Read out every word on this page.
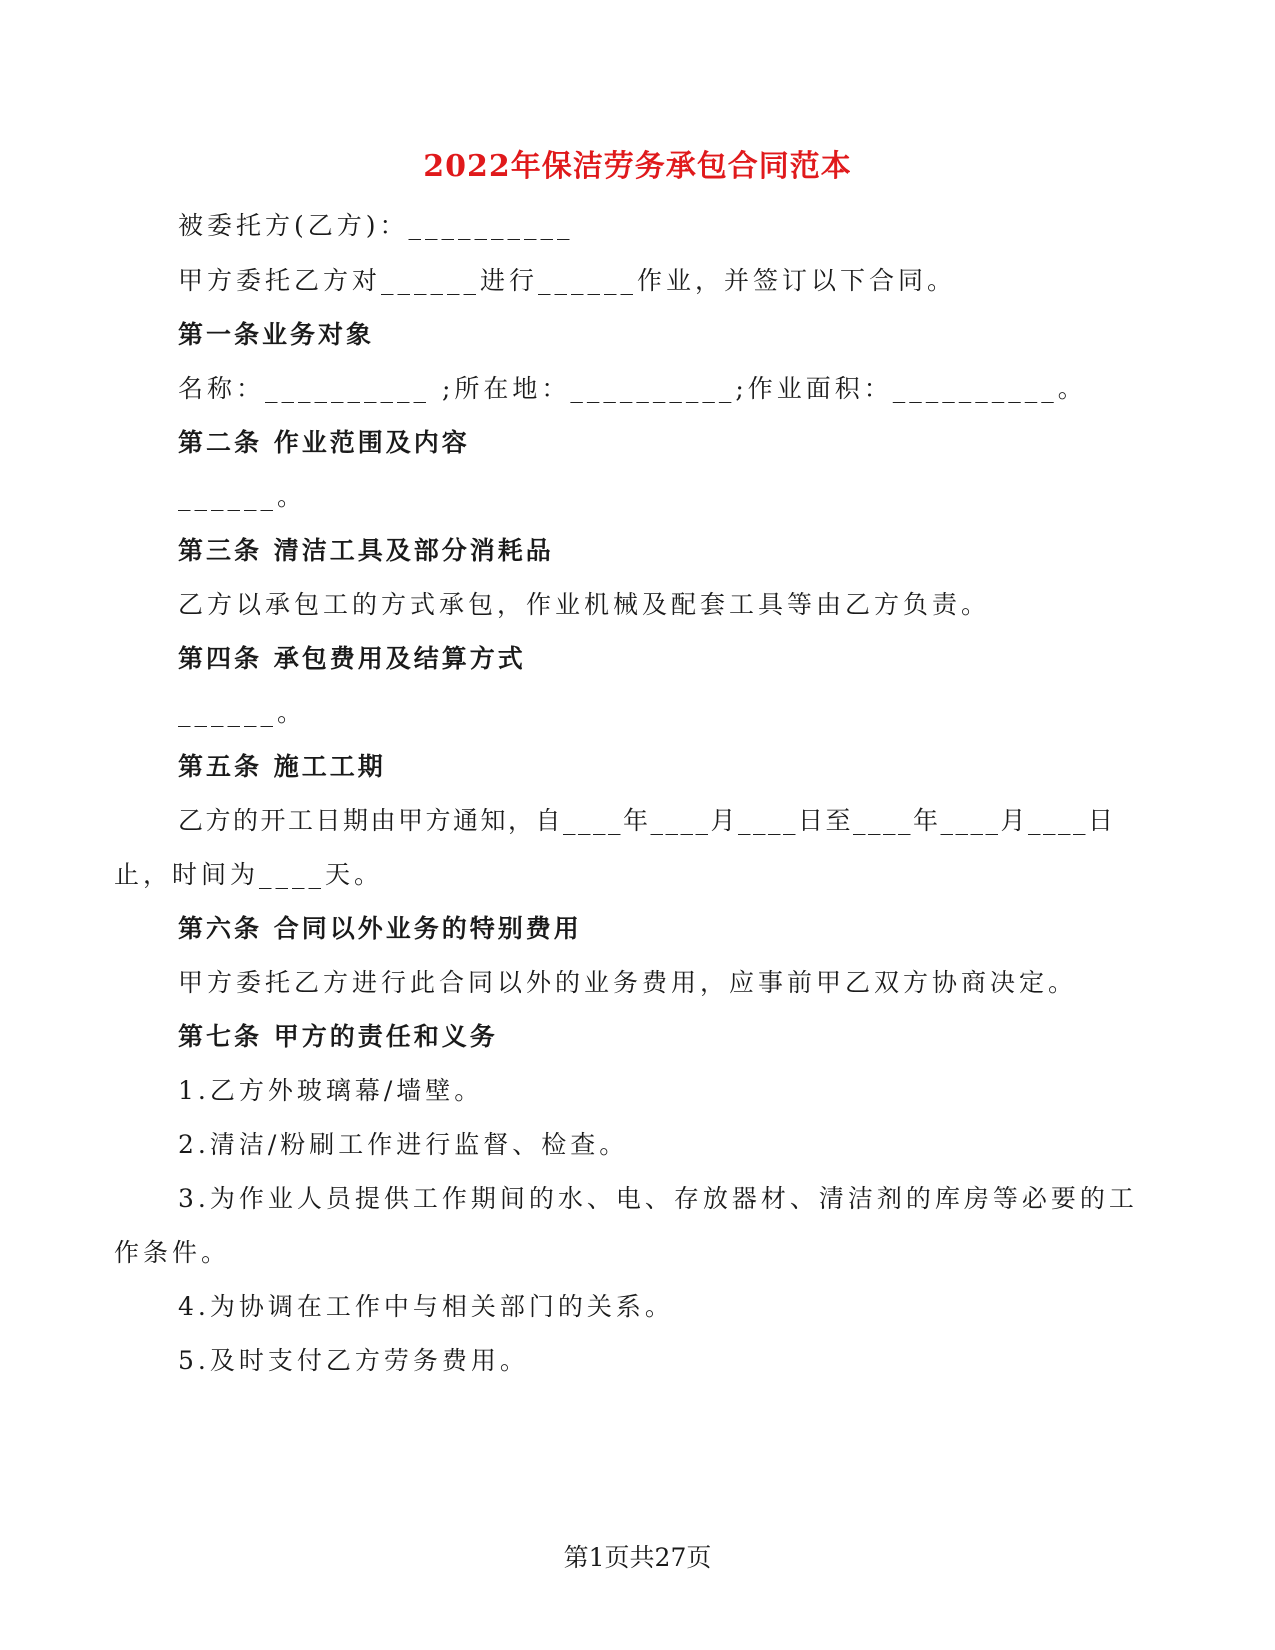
2022年保洁劳务承包合同范本
被委托方(乙方)：__________
甲方委托乙方对______进行______作业，并签订以下合同。
第一条业务对象
名称：__________ ;所在地：__________;作业面积：__________。
第二条 作业范围及内容
______。
第三条 清洁工具及部分消耗品
乙方以承包工的方式承包，作业机械及配套工具等由乙方负责。
第四条 承包费用及结算方式
______。
第五条 施工工期
乙方的开工日期由甲方通知，自____年____月____日至____年____月____日
止，时间为____天。
第六条 合同以外业务的特别费用
甲方委托乙方进行此合同以外的业务费用，应事前甲乙双方协商决定。
第七条 甲方的责任和义务
1.乙方外玻璃幕/墙壁。
2.清洁/粉刷工作进行监督、检查。
3.为作业人员提供工作期间的水、电、存放器材、清洁剂的库房等必要的工
作条件。
4.为协调在工作中与相关部门的关系。
5.及时支付乙方劳务费用。
第1页共27页
